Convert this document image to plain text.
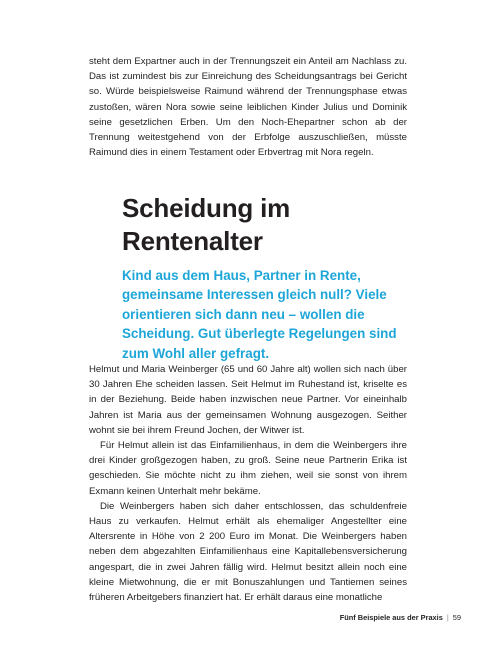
steht dem Expartner auch in der Trennungszeit ein Anteil am Nachlass zu. Das ist zumindest bis zur Einreichung des Scheidungsantrags bei Gericht so. Würde beispielsweise Raimund während der Trennungsphase etwas zustoßen, wären Nora sowie seine leiblichen Kinder Julius und Dominik seine gesetzlichen Erben. Um den Noch-Ehepartner schon ab der Trennung weitestgehend von der Erbfolge auszuschließen, müsste Raimund dies in einem Testament oder Erbvertrag mit Nora regeln.

Scheidung im Rentenalter

Kind aus dem Haus, Partner in Rente, gemeinsame Interessen gleich null? Viele orientieren sich dann neu – wollen die Scheidung. Gut überlegte Regelungen sind zum Wohl aller gefragt.

Helmut und Maria Weinberger (65 und 60 Jahre alt) wollen sich nach über 30 Jahren Ehe scheiden lassen. Seit Helmut im Ruhestand ist, kriselte es in der Beziehung. Beide haben inzwischen neue Partner. Vor eineinhalb Jahren ist Maria aus der gemeinsamen Wohnung ausgezogen. Seither wohnt sie bei ihrem Freund Jochen, der Witwer ist.

Für Helmut allein ist das Einfamilienhaus, in dem die Weinbergers ihre drei Kinder großgezogen haben, zu groß. Seine neue Partnerin Erika ist geschieden. Sie möchte nicht zu ihm ziehen, weil sie sonst von ihrem Exmann keinen Unterhalt mehr bekäme.

Die Weinbergers haben sich daher entschlossen, das schuldenfreie Haus zu verkaufen. Helmut erhält als ehemaliger Angestellter eine Altersrente in Höhe von 2 200 Euro im Monat. Die Weinbergers haben neben dem abgezahlten Einfamilienhaus eine Kapitallebensversicherung angespart, die in zwei Jahren fällig wird. Helmut besitzt allein noch eine kleine Mietwohnung, die er mit Bonuszahlungen und Tantiemen seines früheren Arbeitgebers finanziert hat. Er erhält daraus eine monatliche

Fünf Beispiele aus der Praxis | 59
